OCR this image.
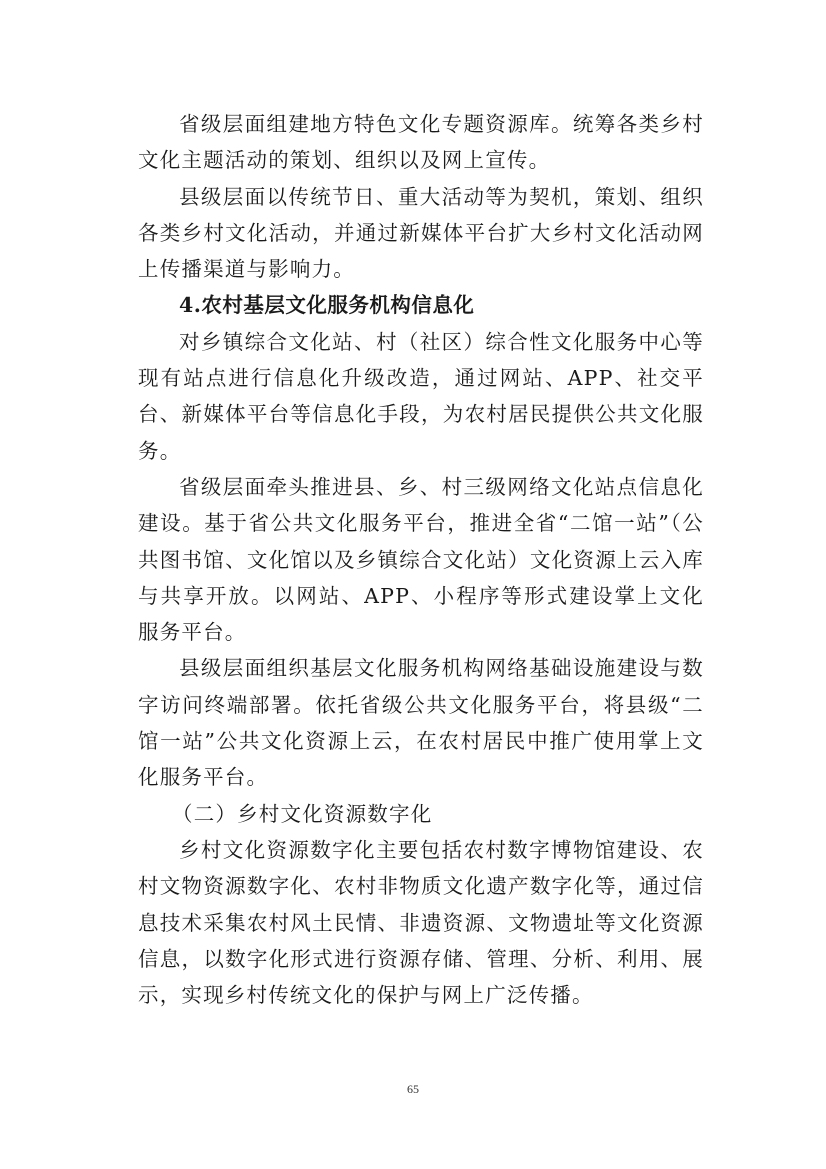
省级层面组建地方特色文化专题资源库。统筹各类乡村文化主题活动的策划、组织以及网上宣传。

县级层面以传统节日、重大活动等为契机，策划、组织各类乡村文化活动，并通过新媒体平台扩大乡村文化活动网上传播渠道与影响力。

4.农村基层文化服务机构信息化

对乡镇综合文化站、村（社区）综合性文化服务中心等现有站点进行信息化升级改造，通过网站、APP、社交平台、新媒体平台等信息化手段，为农村居民提供公共文化服务。

省级层面牵头推进县、乡、村三级网络文化站点信息化建设。基于省公共文化服务平台，推进全省“二馆一站”（公共图书馆、文化馆以及乡镇综合文化站）文化资源上云入库与共享开放。以网站、APP、小程序等形式建设掌上文化服务平台。

县级层面组织基层文化服务机构网络基础设施建设与数字访问终端部署。依托省级公共文化服务平台，将县级“二馆一站”公共文化资源上云，在农村居民中推广使用掌上文化服务平台。

（二）乡村文化资源数字化

乡村文化资源数字化主要包括农村数字博物馆建设、农村文物资源数字化、农村非物质文化遗产数字化等，通过信息技术采集农村风土民情、非遗资源、文物遗址等文化资源信息，以数字化形式进行资源存储、管理、分析、利用、展示，实现乡村传统文化的保护与网上广泛传播。

65
